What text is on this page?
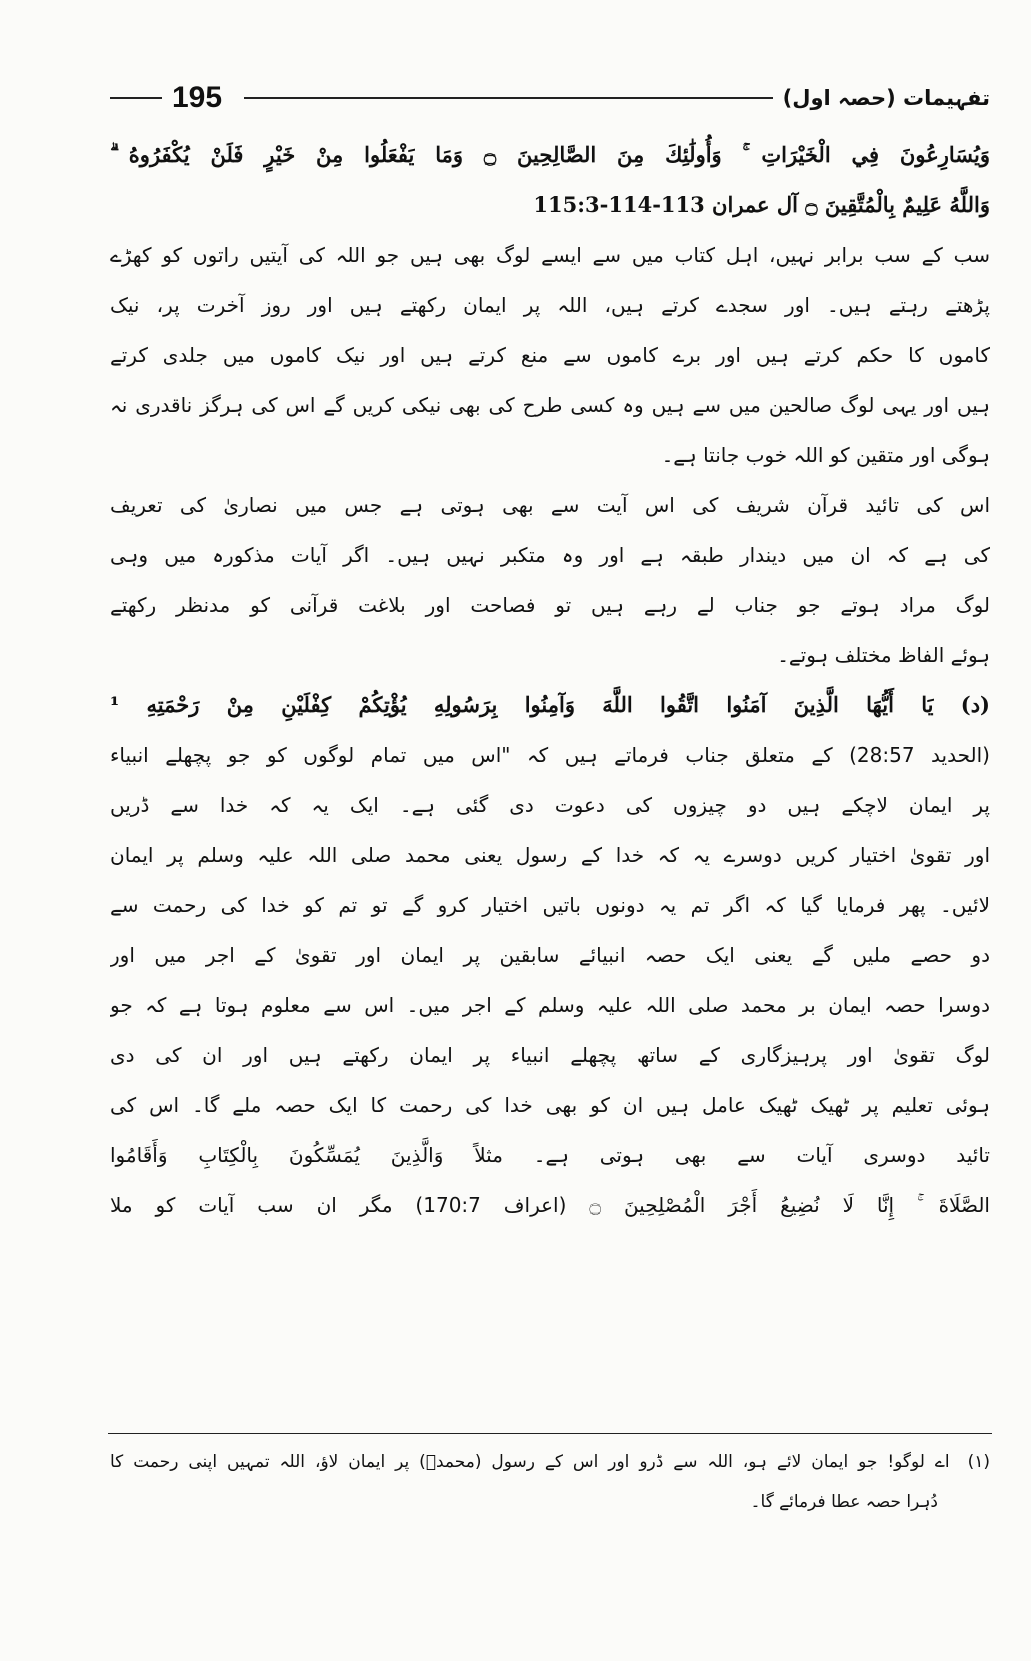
195	تفہیمات (حصہ اول)
وَيُسَارِعُونَ فِي الْخَيْرَاتِ ۚ وَأُولَٰئِكَ مِنَ الصَّالِحِينَ ۝ وَمَا يَفْعَلُوا مِنْ خَيْرٍ فَلَنْ يُكْفَرُوهُ ۗ
وَاللَّهُ عَلِيمٌ بِالْمُتَّقِينَ ۝ آل عمران 113-114-115:3
سب کے سب برابر نہیں، اہل کتاب میں سے ایسے لوگ بھی ہیں جو اللہ کی آیتیں راتوں کو کھڑے
پڑھتے رہتے ہیں۔ اور سجدے کرتے ہیں، اللہ پر ایمان رکھتے ہیں اور روز آخرت پر، نیک
کاموں کا حکم کرتے ہیں اور برے کاموں سے منع کرتے ہیں اور نیک کاموں میں جلدی کرتے
ہیں اور یہی لوگ صالحین میں سے ہیں وہ کسی طرح کی بھی نیکی کریں گے اس کی ہرگز ناقدری نہ
ہوگی اور متقین کو اللہ خوب جانتا ہے۔
اس کی تائید قرآن شریف کی اس آیت سے بھی ہوتی ہے جس میں نصاریٰ کی تعریف
کی ہے کہ ان میں دیندار طبقہ ہے اور وہ متکبر نہیں ہیں۔ اگر آیات مذکورہ میں وہی
لوگ مراد ہوتے جو جناب لے رہے ہیں تو فصاحت اور بلاغت قرآنی کو مدنظر رکھتے
ہوئے الفاظ مختلف ہوتے۔
(د) يَا أَيُّهَا الَّذِينَ آمَنُوا اتَّقُوا اللَّهَ وَآمِنُوا بِرَسُولِهِ يُؤْتِكُمْ كِفْلَيْنِ مِنْ رَحْمَتِهِ ¹
(الحدید 28:57) کے متعلق جناب فرماتے ہیں کہ "اس میں تمام لوگوں کو جو پچھلے انبیاء
پر ایمان لاچکے ہیں دو چیزوں کی دعوت دی گئی ہے۔ ایک یہ کہ خدا سے ڈریں
اور تقویٰ اختیار کریں دوسرے یہ کہ خدا کے رسول یعنی محمد صلی اللہ علیہ وسلم پر ایمان
لائیں۔ پھر فرمایا گیا کہ اگر تم یہ دونوں باتیں اختیار کرو گے تو تم کو خدا کی رحمت سے
دو حصے ملیں گے یعنی ایک حصہ انبیائے سابقین پر ایمان اور تقویٰ کے اجر میں اور
دوسرا حصہ ایمان بر محمد صلی اللہ علیہ وسلم کے اجر میں۔ اس سے معلوم ہوتا ہے کہ جو
لوگ تقویٰ اور پرہیزگاری کے ساتھ پچھلے انبیاء پر ایمان رکھتے ہیں اور ان کی دی
ہوئی تعلیم پر ٹھیک ٹھیک عامل ہیں ان کو بھی خدا کی رحمت کا ایک حصہ ملے گا۔ اس کی
تائید دوسری آیات سے بھی ہوتی ہے۔ مثلاً وَالَّذِينَ يُمَسِّكُونَ بِالْكِتَابِ وَأَقَامُوا
الصَّلَاةَ ۚ إِنَّا لَا نُضِيعُ أَجْرَ الْمُصْلِحِينَ ۝ (اعراف 170:7) مگر ان سب آیات کو ملا
(۱)اے لوگو! جو ایمان لائے ہو، اللہ سے ڈرو اور اس کے رسول (محمدؐ) پر ایمان لاؤ، اللہ تمہیں اپنی رحمت کا
دُہرا حصہ عطا فرمائے گا۔
